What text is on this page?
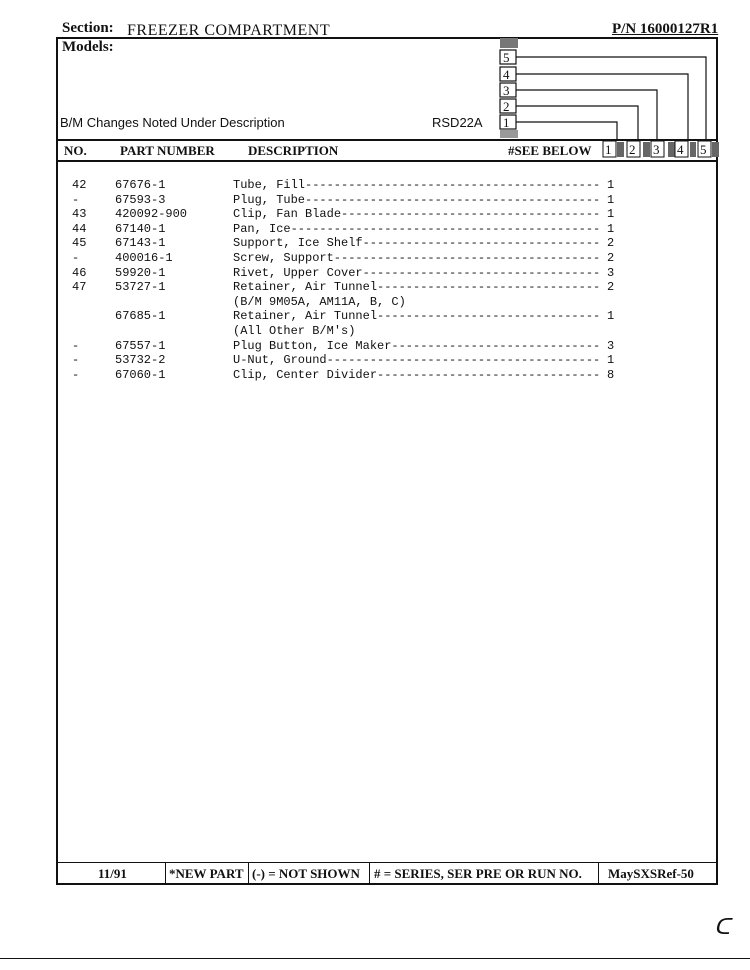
Section: FREEZER COMPARTMENT	P/N 16000127R1
Models:
B/M Changes Noted Under Description	RSD22A
5
4
3
2
1
1 2 3 4 5
NO.	PART NUMBER	DESCRIPTION	#SEE BELOW
42 67676-1	Tube, Fill	1
-----------------------------------------
-	67593-3	Plug, Tube	1
-----------------------------------------
43 420092-900	Clip, Fan Blade	1
------------------------------------
44 67140-1	Pan, Ice	1
-------------------------------------------
45 67143-1	Support, Ice Shelf	2
---------------------------------
-	400016-1	Screw, Support	2
-------------------------------------
46 59920-1	Rivet, Upper Cover	3
---------------------------------
47 53727-1	Retainer, Air Tunnel	2
-------------------------------
(B/M 9M05A, AM11A, B, C)
67685-1	Retainer, Air Tunnel	1
-------------------------------
(All Other B/M's)
-	67557-1	Plug Button, Ice Maker	3
-----------------------------
-	53732-2	U-Nut, Ground	1
--------------------------------------
-	67060-1	Clip, Center Divider	8
-------------------------------
11/91	*NEW PART (-) = NOT SHOWN # = SERIES, SER PRE OR RUN NO. MaySXSRef-50
ᑕ
